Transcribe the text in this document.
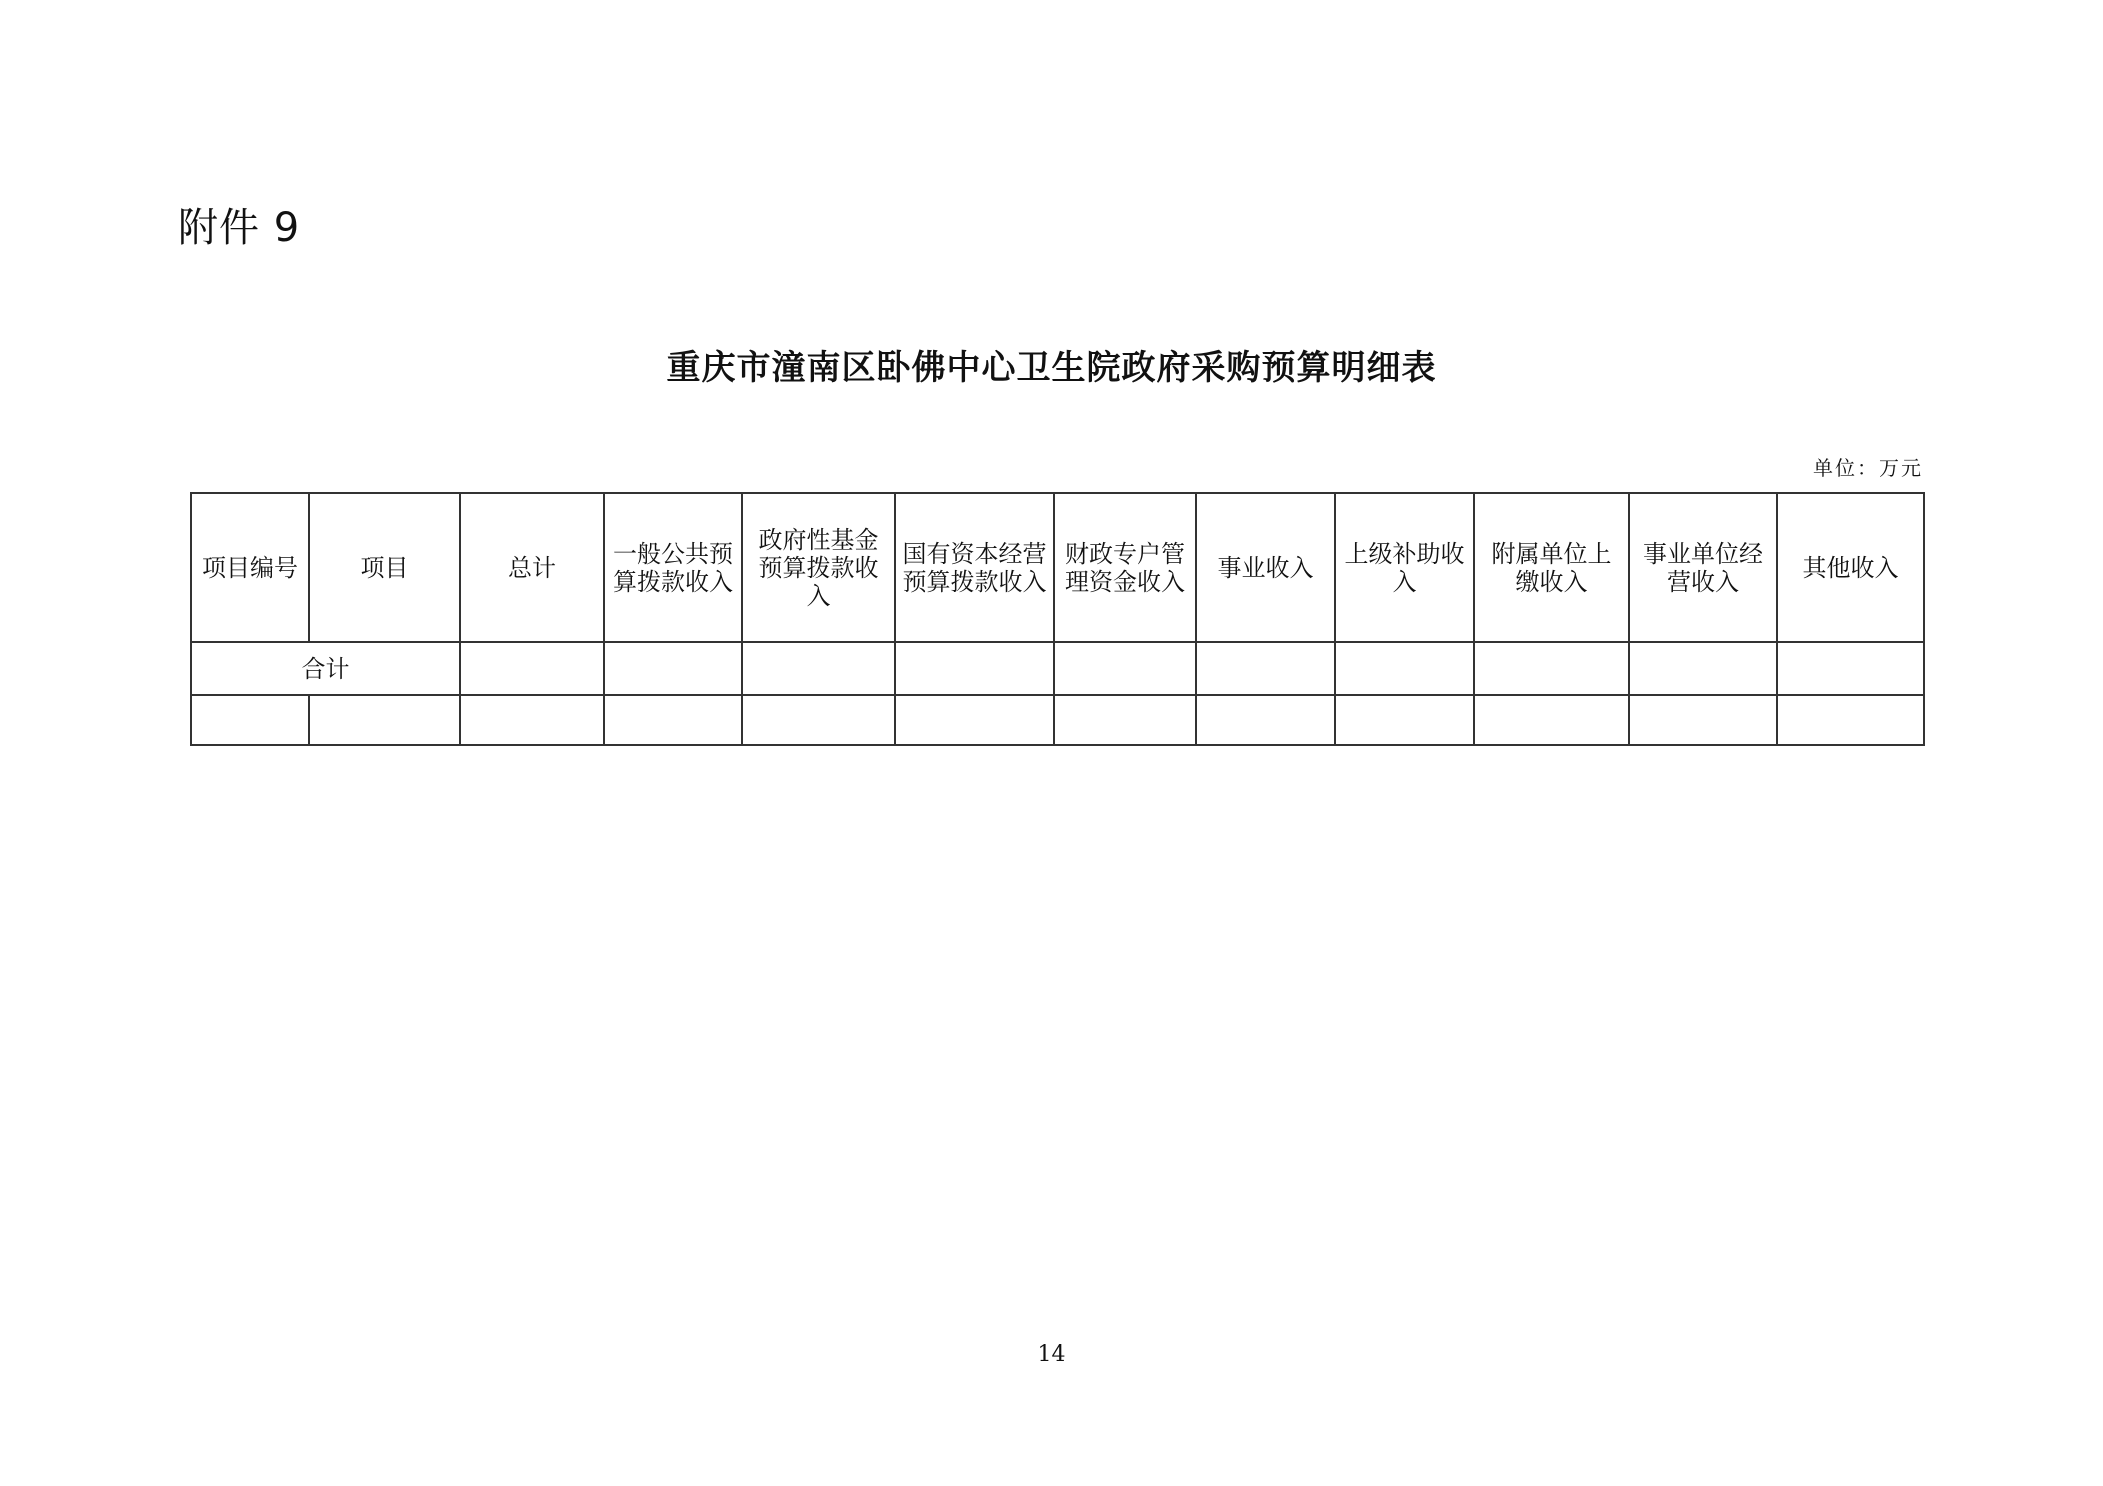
附件 9
重庆市潼南区卧佛中心卫生院政府采购预算明细表
单位：万元
项目编号	项目	总计	一般公共预算拨款收入	政府性基金预算拨款收入	国有资本经营预算拨款收入	财政专户管理资金收入	事业收入	上级补助收入	附属单位上缴收入	事业单位经营收入	其他收入
合计											

14
